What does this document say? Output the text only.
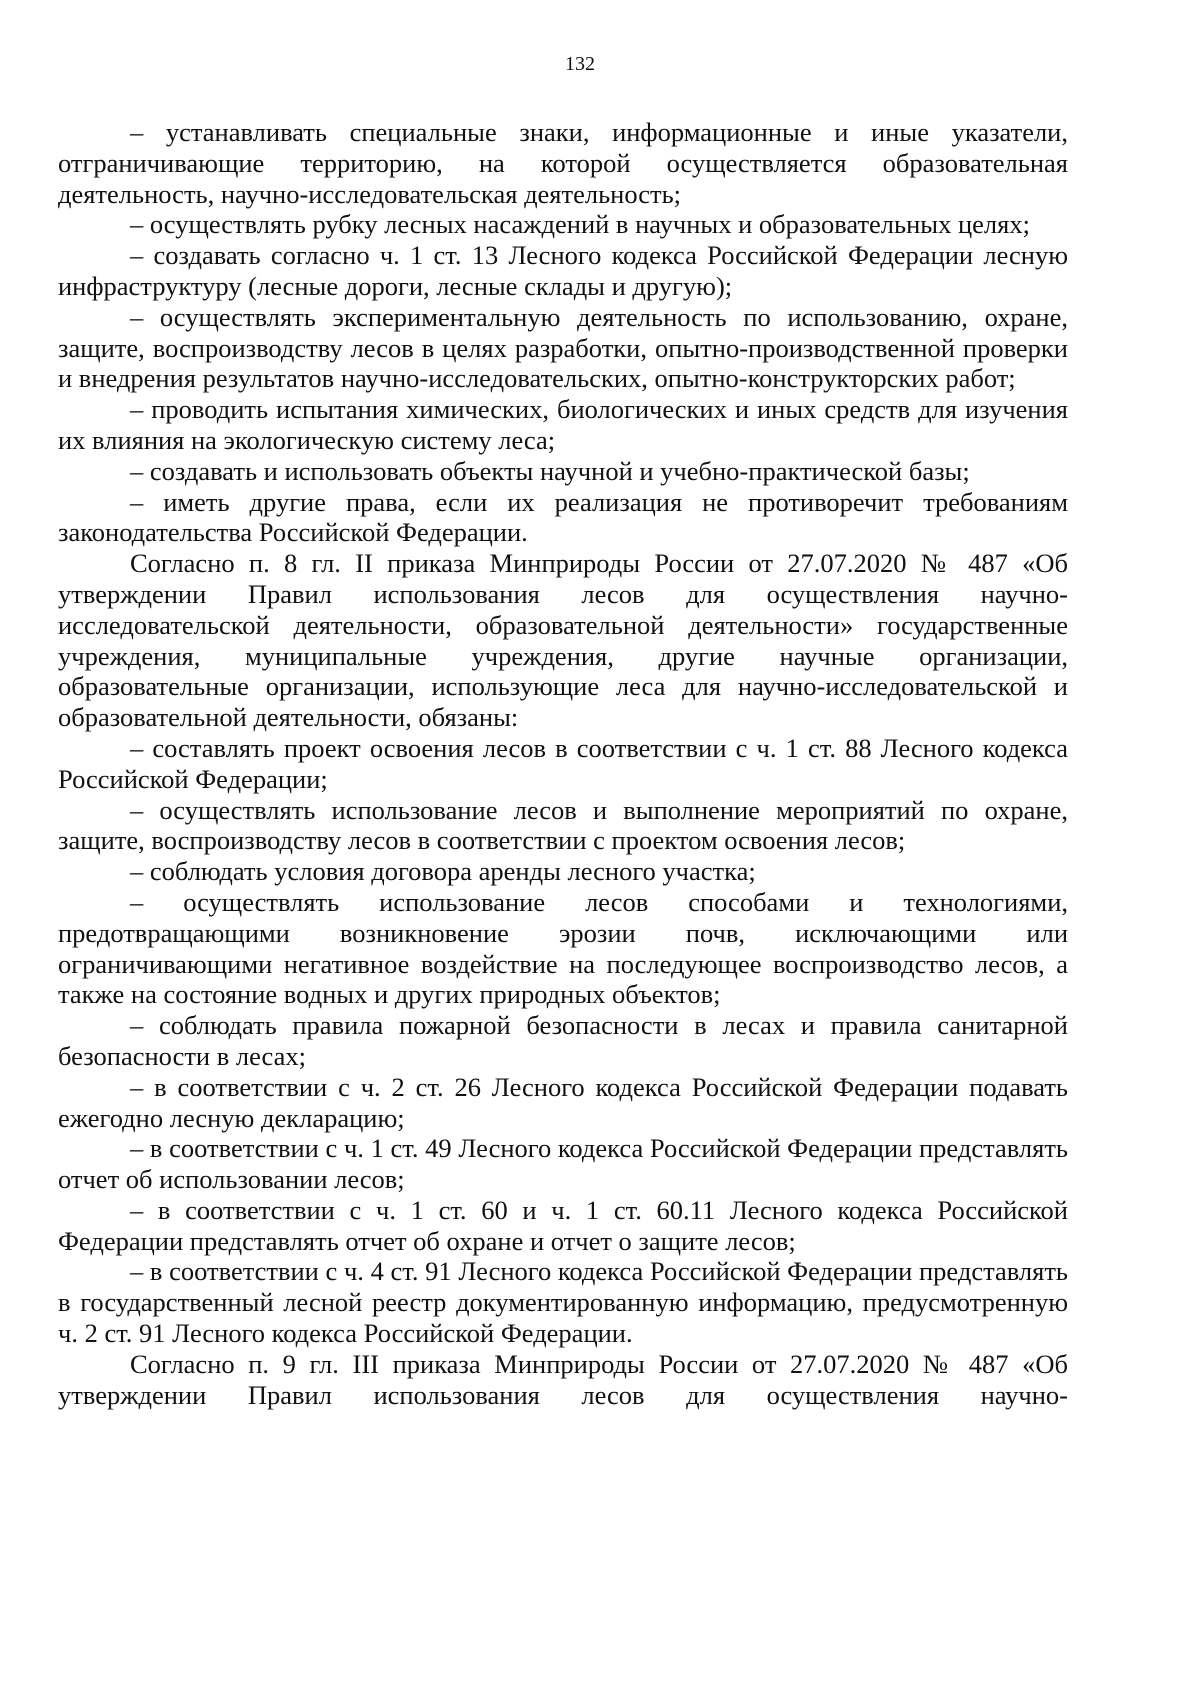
132

– устанавливать специальные знаки, информационные и иные указатели, отграничивающие территорию, на которой осуществляется образовательная деятельность, научно-исследовательская деятельность;

– осуществлять рубку лесных насаждений в научных и образовательных целях;

– создавать согласно ч. 1 ст. 13 Лесного кодекса Российской Федерации лесную инфраструктуру (лесные дороги, лесные склады и другую);

– осуществлять экспериментальную деятельность по использованию, охране, защите, воспроизводству лесов в целях разработки, опытно-производственной проверки и внедрения результатов научно-исследовательских, опытно-конструкторских работ;

– проводить испытания химических, биологических и иных средств для изучения их влияния на экологическую систему леса;

– создавать и использовать объекты научной и учебно-практической базы;

– иметь другие права, если их реализация не противоречит требованиям законодательства Российской Федерации.

Согласно п. 8 гл. II приказа Минприроды России от 27.07.2020 № 487 «Об утверждении Правил использования лесов для осуществления научно-исследовательской деятельности, образовательной деятельности» государственные учреждения, муниципальные учреждения, другие научные организации, образовательные организации, использующие леса для научно-исследовательской и образовательной деятельности, обязаны:

– составлять проект освоения лесов в соответствии с ч. 1 ст. 88 Лесного кодекса Российской Федерации;

– осуществлять использование лесов и выполнение мероприятий по охране, защите, воспроизводству лесов в соответствии с проектом освоения лесов;

– соблюдать условия договора аренды лесного участка;

– осуществлять использование лесов способами и технологиями, предотвращающими возникновение эрозии почв, исключающими или ограничивающими негативное воздействие на последующее воспроизводство лесов, а также на состояние водных и других природных объектов;

– соблюдать правила пожарной безопасности в лесах и правила санитарной безопасности в лесах;

– в соответствии с ч. 2 ст. 26 Лесного кодекса Российской Федерации подавать ежегодно лесную декларацию;

– в соответствии с ч. 1 ст. 49 Лесного кодекса Российской Федерации представлять отчет об использовании лесов;

– в соответствии с ч. 1 ст. 60 и ч. 1 ст. 60.11 Лесного кодекса Российской Федерации представлять отчет об охране и отчет о защите лесов;

– в соответствии с ч. 4 ст. 91 Лесного кодекса Российской Федерации представлять в государственный лесной реестр документированную информацию, предусмотренную ч. 2 ст. 91 Лесного кодекса Российской Федерации.

Согласно п. 9 гл. III приказа Минприроды России от 27.07.2020 № 487 «Об утверждении Правил использования лесов для осуществления научно-
